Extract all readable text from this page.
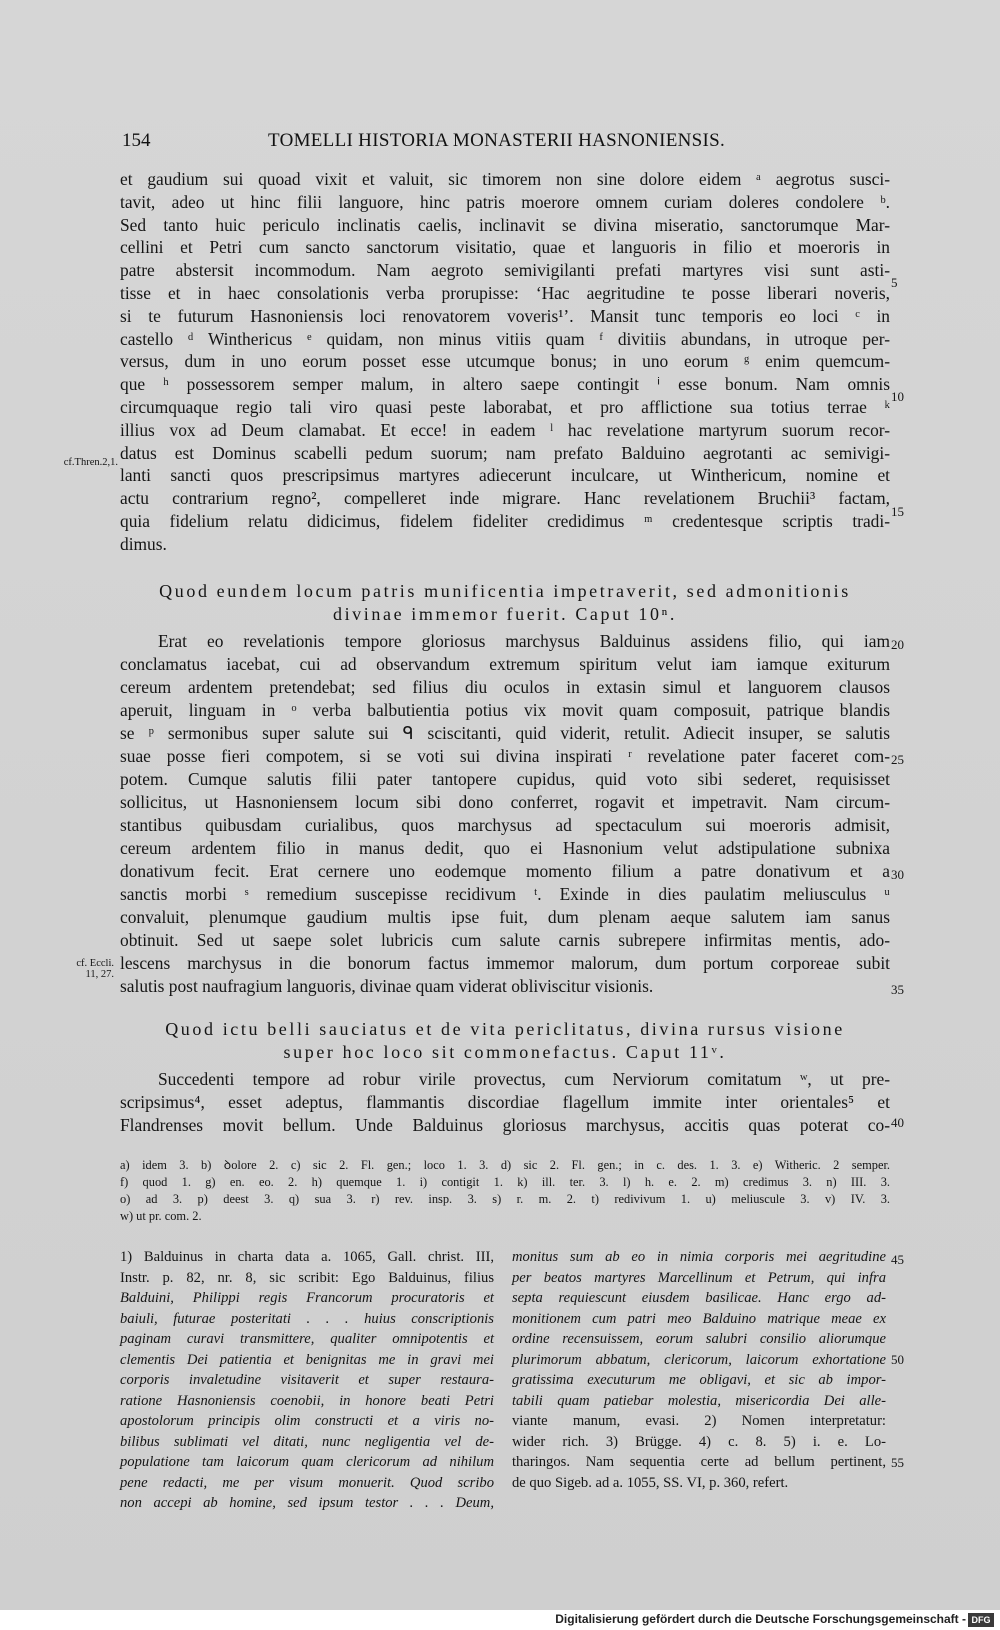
154	TOMELLI HISTORIA MONASTERII HASNONIENSIS.
et gaudium sui quoad vixit et valuit, sic timorem non sine dolore eidem ᵃ aegrotus susci-
tavit, adeo ut hinc filii languore, hinc patris moerore omnem curiam doleres condolere ᵇ.
Sed tanto huic periculo inclinatis caelis, inclinavit se divina miseratio, sanctorumque Mar-
cellini et Petri cum sancto sanctorum visitatio, quae et languoris in filio et moeroris in
patre abstersit incommodum. Nam aegroto semivigilanti prefati martyres visi sunt asti-
tisse et in haec consolationis verba prorupisse: ʻHac aegritudine te posse liberari noveris,
si te futurum Hasnoniensis loci renovatorem voveris¹ʼ. Mansit tunc temporis eo loci ᶜ in
castello ᵈ Winthericus ᵉ quidam, non minus vitiis quam ᶠ divitiis abundans, in utroque per-
versus, dum in uno eorum posset esse utcumque bonus; in uno eorum ᵍ enim quemcum-
que ʰ possessorem semper malum, in altero saepe contingit ⁱ esse bonum. Nam omnis
circumquaque regio tali viro quasi peste laborabat, et pro afflictione sua totius terrae ᵏ
illius vox ad Deum clamabat. Et ecce! in eadem ˡ hac revelatione martyrum suorum recor-
datus est Dominus scabelli pedum suorum; nam prefato Balduino aegrotanti ac semivigi-
lanti sancti quos prescripsimus martyres adiecerunt inculcare, ut Winthericum, nomine et
actu contrarium regno², compelleret inde migrare. Hanc revelationem Bruchii³ factam,
quia fidelium relatu didicimus, fidelem fideliter credidimus ᵐ credentesque scriptis tradi-
dimus.
Quod eundem locum patris munificentia impetraverit, sed admonitionis
divinae immemor fuerit. Caput 10ⁿ.
Erat eo revelationis tempore gloriosus marchysus Balduinus assidens filio, qui iam
conclamatus iacebat, cui ad observandum extremum spiritum velut iam iamque exiturum
cereum ardentem pretendebat; sed filius diu oculos in extasin simul et languorem clausos
aperuit, linguam in ᵒ verba balbutientia potius vix movit quam composuit, patrique blandis
se ᵖ sermonibus super salute sui ᑫ sciscitanti, quid viderit, retulit. Adiecit insuper, se salutis
suae posse fieri compotem, si se voti sui divina inspirati ʳ revelatione pater faceret com-
potem. Cumque salutis filii pater tantopere cupidus, quid voto sibi sederet, requisisset
sollicitus, ut Hasnoniensem locum sibi dono conferret, rogavit et impetravit. Nam circum-
stantibus quibusdam curialibus, quos marchysus ad spectaculum sui moeroris admisit,
cereum ardentem filio in manus dedit, quo ei Hasnonium velut adstipulatione subnixa
donativum fecit. Erat cernere uno eodemque momento filium a patre donativum et a
sanctis morbi ˢ remedium suscepisse recidivum ᵗ. Exinde in dies paulatim meliusculus ᵘ
convaluit, plenumque gaudium multis ipse fuit, dum plenam aeque salutem iam sanus
obtinuit. Sed ut saepe solet lubricis cum salute carnis subrepere infirmitas mentis, ado-
lescens marchysus in die bonorum factus immemor malorum, dum portum corporeae subit
salutis post naufragium languoris, divinae quam viderat obliviscitur visionis.
Quod ictu belli sauciatus et de vita periclitatus, divina rursus visione
super hoc loco sit commonefactus. Caput 11ᵛ.
Succedenti tempore ad robur virile provectus, cum Nerviorum comitatum ʷ, ut pre-
scripsimus⁴, esset adeptus, flammantis discordiae flagellum immite inter orientales⁵ et
Flandrenses movit bellum. Unde Balduinus gloriosus marchysus, accitis quas poterat co-
5
10
15
20
25
30
35
40
45
50
55
cf.Thren.2,1.
cf. Eccli.
11, 27.
a) idem 3. b) ꝺolore 2. c) sic 2. Fl. gen.; loco 1. 3. d) sic 2. Fl. gen.; in c. des. 1. 3. e) Witheric. 2 semper.
f) quod 1. g) en. eo. 2. h) quemque 1. i) contigit 1. k) ill. ter. 3. l) h. e. 2. m) credimus 3. n) III. 3.
o) ad 3. p) deest 3. q) sua 3. r) rev. insp. 3. s) r. m. 2. t) redivivum 1. u) meliuscule 3. v) IV. 3.
w) ut pr. com. 2.
1) Balduinus in charta data a. 1065, Gall. christ. III,
Instr. p. 82, nr. 8, sic scribit: Ego Balduinus, filius
Balduini, Philippi regis Francorum procuratoris et
baiuli, futurae posteritati . . . huius conscriptionis
paginam curavi transmittere, qualiter omnipotentis et
clementis Dei patientia et benignitas me in gravi mei
corporis invaletudine visitaverit et super restaura-
ratione Hasnoniensis coenobii, in honore beati Petri
apostolorum principis olim constructi et a viris no-
bilibus sublimati vel ditati, nunc negligentia vel de-
populatione tam laicorum quam clericorum ad nihilum
pene redacti, me per visum monuerit. Quod scribo
non accepi ab homine, sed ipsum testor . . . Deum,
monitus sum ab eo in nimia corporis mei aegritudine
per beatos martyres Marcellinum et Petrum, qui infra
septa requiescunt eiusdem basilicae. Hanc ergo ad-
monitionem cum patri meo Balduino matrique meae ex
ordine recensuissem, eorum salubri consilio aliorumque
plurimorum abbatum, clericorum, laicorum exhortatione
gratissima executurum me obligavi, et sic ab impor-
tabili quam patiebar molestia, misericordia Dei alle-
viante manum, evasi. 2) Nomen interpretatur:
wider rich. 3) Brügge. 4) c. 8. 5) i. e. Lo-
tharingos. Nam sequentia certe ad bellum pertinent,
de quo Sigeb. ad a. 1055, SS. VI, p. 360, refert.
Digitalisierung gefördert durch die Deutsche Forschungsgemeinschaft - DFG
